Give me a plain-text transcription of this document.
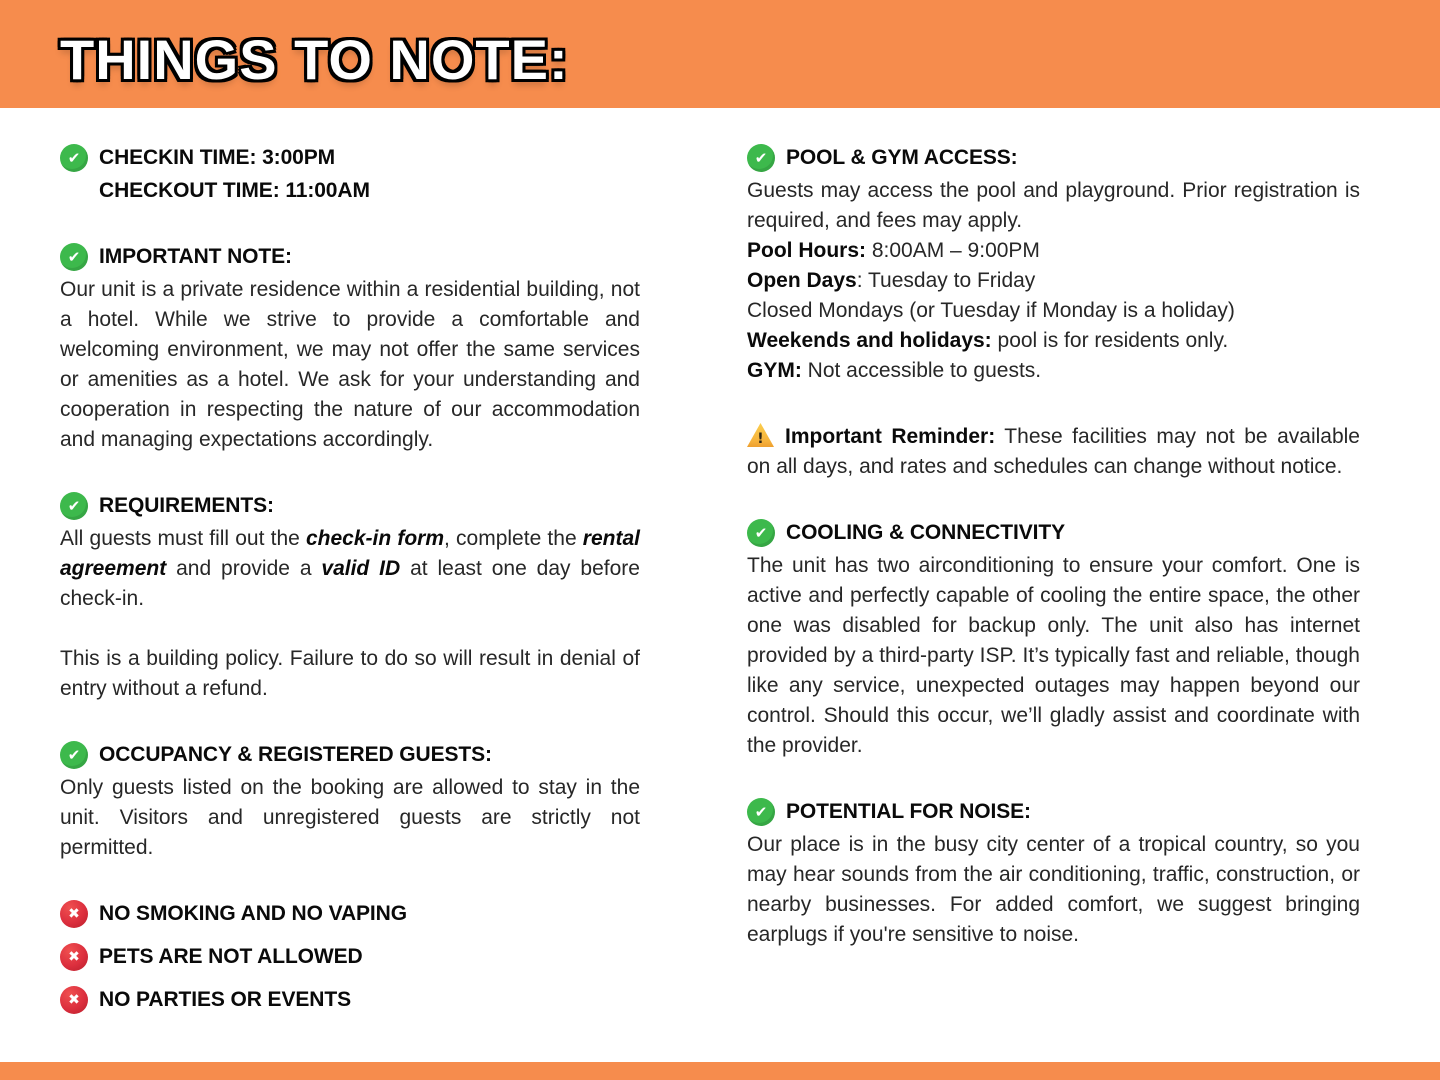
THINGS TO NOTE:
✔ CHECKIN TIME: 3:00PM
CHECKOUT TIME: 11:00AM
✔ IMPORTANT NOTE:

Our unit is a private residence within a residential building, not a hotel. While we strive to provide a comfortable and welcoming environment, we may not offer the same services or amenities as a hotel. We ask for your understanding and cooperation in respecting the nature of our accommodation and managing expectations accordingly.

✔ REQUIREMENTS:

All guests must fill out the check-in form, complete the rental agreement and provide a valid ID at least one day before check-in.

This is a building policy. Failure to do so will result in denial of entry without a refund.

✔ OCCUPANCY & REGISTERED GUESTS:

Only guests listed on the booking are allowed to stay in the unit. Visitors and unregistered guests are strictly not permitted.

✖ NO SMOKING AND NO VAPING
✖ PETS ARE NOT ALLOWED
✖ NO PARTIES OR EVENTS
✔ POOL & GYM ACCESS:

Guests may access the pool and playground. Prior registration is required, and fees may apply.

Pool Hours: 8:00AM – 9:00PM

Open Days: Tuesday to Friday

Closed Mondays (or Tuesday if Monday is a holiday)

Weekends and holidays: pool is for residents only.

GYM: Not accessible to guests.

!	Important Reminder: These facilities may not be available on all days, and rates and schedules can change without notice.

✔ COOLING & CONNECTIVITY

The unit has two airconditioning to ensure your comfort. One is active and perfectly capable of cooling the entire space, the other one was disabled for backup only. The unit also has internet provided by a third-party ISP. It’s typically fast and reliable, though like any service, unexpected outages may happen beyond our control. Should this occur, we’ll gladly assist and coordinate with the provider.

✔ POTENTIAL FOR NOISE:

Our place is in the busy city center of a tropical country, so you may hear sounds from the air conditioning, traffic, construction, or nearby businesses. For added comfort, we suggest bringing earplugs if you're sensitive to noise.
